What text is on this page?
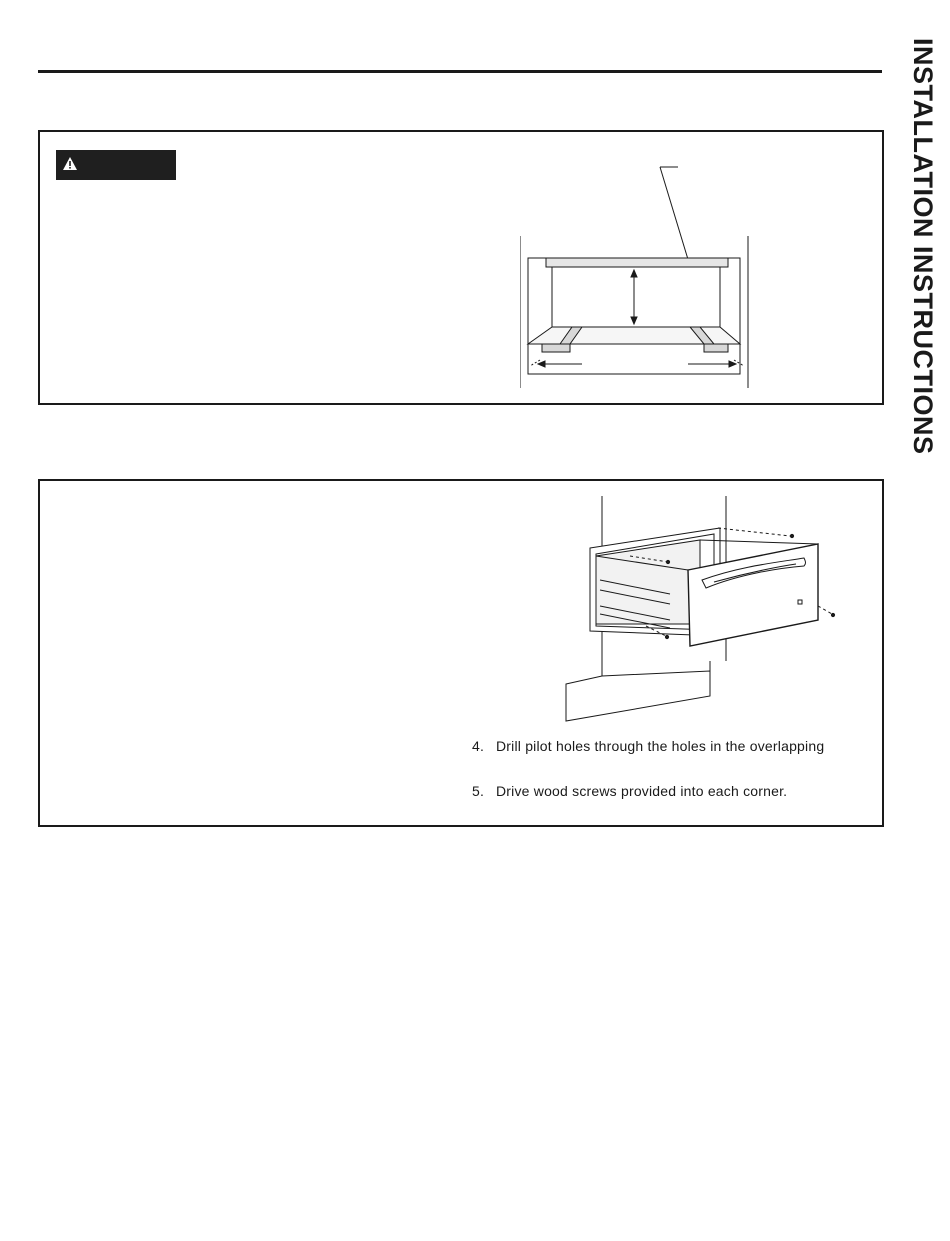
INSTALLATION INSTRUCTIONS
4. Drill pilot holes through the holes in the overlapping
5. Drive wood screws provided into each corner.
